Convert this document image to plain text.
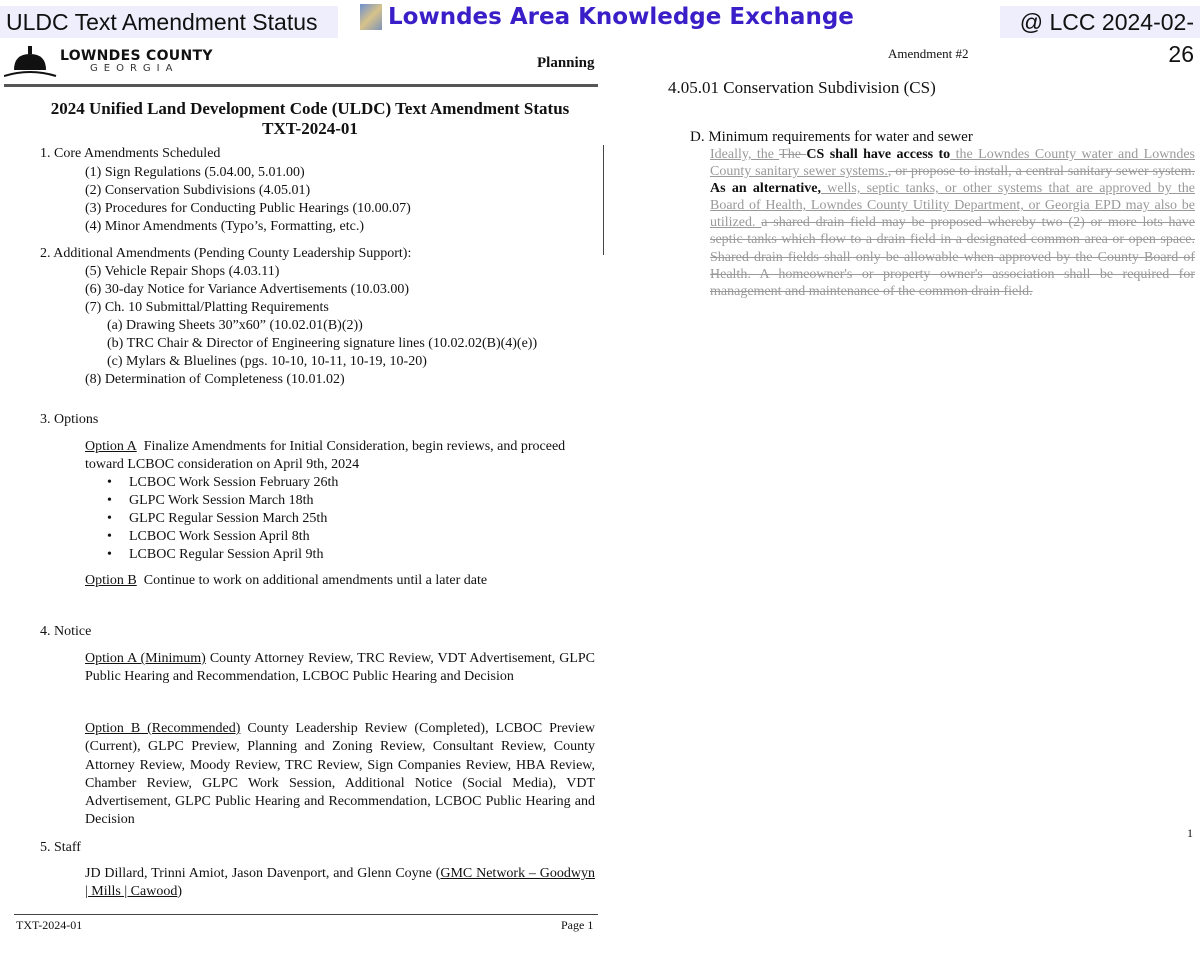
ULDC Text Amendment Status	Lowndes Area Knowledge Exchange	@ LCC 2024-02-26
LOWNDES COUNTY
GEORGIA	Planning
2024 Unified Land Development Code (ULDC) Text Amendment Status
TXT-2024-01
1. Core Amendments Scheduled
(1) Sign Regulations (5.04.00, 5.01.00)
(2) Conservation Subdivisions (4.05.01)
(3) Procedures for Conducting Public Hearings (10.00.07)
(4) Minor Amendments (Typo’s, Formatting, etc.)
2. Additional Amendments (Pending County Leadership Support):
(5) Vehicle Repair Shops (4.03.11)
(6) 30-day Notice for Variance Advertisements (10.03.00)
(7) Ch. 10 Submittal/Platting Requirements
(a) Drawing Sheets 30”x60” (10.02.01(B)(2))
(b) TRC Chair & Director of Engineering signature lines (10.02.02(B)(4)(e))
(c) Mylars & Bluelines (pgs. 10-10, 10-11, 10-19, 10-20)
(8) Determination of Completeness (10.01.02)
3. Options
Option A Finalize Amendments for Initial Consideration, begin reviews, and proceed
toward LCBOC consideration on April 9th, 2024
• LCBOC Work Session February 26th
• GLPC Work Session March 18th
• GLPC Regular Session March 25th
• LCBOC Work Session April 8th
• LCBOC Regular Session April 9th
Option B Continue to work on additional amendments until a later date
4. Notice
Option A (Minimum) County Attorney Review, TRC Review, VDT Advertisement, GLPC Public Hearing and Recommendation, LCBOC Public Hearing and Decision
Option B (Recommended) County Leadership Review (Completed), LCBOC Preview (Current), GLPC Preview, Planning and Zoning Review, Consultant Review, County Attorney Review, Moody Review, TRC Review, Sign Companies Review, HBA Review, Chamber Review, GLPC Work Session, Additional Notice (Social Media), VDT Advertisement, GLPC Public Hearing and Recommendation, LCBOC Public Hearing and Decision
5. Staff
JD Dillard, Trinni Amiot, Jason Davenport, and Glenn Coyne (GMC Network – Goodwyn | Mills | Cawood)
TXT-2024-01	Page 1
Amendment #2
4.05.01 Conservation Subdivision (CS)
D. Minimum requirements for water and sewer
Ideally, the The CS shall have access to the Lowndes County water and Lowndes County sanitary sewer systems., or propose to install, a central sanitary sewer system. As an alternative, wells, septic tanks, or other systems that are approved by the Board of Health, Lowndes County Utility Department, or Georgia EPD may also be utilized. a shared drain field may be proposed whereby two (2) or more lots have septic tanks which flow to a drain field in a designated common area or open space. Shared drain fields shall only be allowable when approved by the County Board of Health. A homeowner's or property owner's association shall be required for management and maintenance of the common drain field.
1
